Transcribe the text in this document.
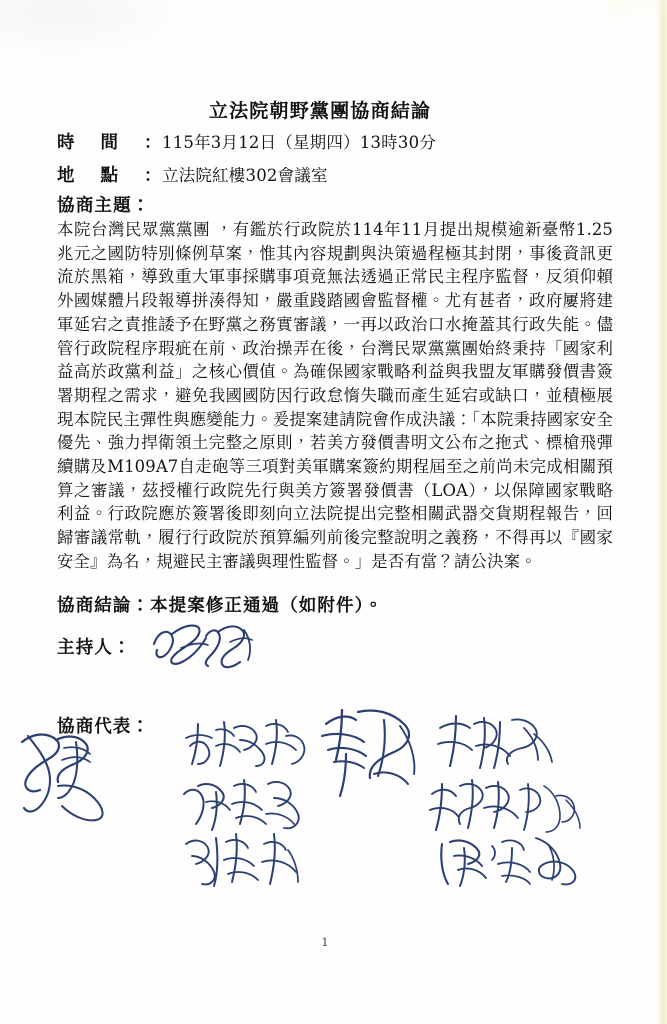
立法院朝野黨團協商結論
時間：115年3月12日（星期四）13時30分
地點：立法院紅樓302會議室
協商主題：

本院台灣民眾黨黨團 ，有鑑於行政院於114年11月提出規模逾新臺幣1.25兆元之國防特別條例草案，惟其內容規劃與決策過程極其封閉，事後資訊更流於黑箱，導致重大軍事採購事項竟無法透過正常民主程序監督，反須仰賴外國媒體片段報導拼湊得知，嚴重踐踏國會監督權。尤有甚者，政府屢將建軍延宕之責推諉予在野黨之務實審議，一再以政治口水掩蓋其行政失能。儘管行政院程序瑕疵在前、政治操弄在後，台灣民眾黨黨團始終秉持「國家利益高於政黨利益」之核心價值。為確保國家戰略利益與我盟友軍購發價書簽署期程之需求，避免我國國防因行政怠惰失職而產生延宕或缺口，並積極展現本院民主彈性與應變能力。爰提案建請院會作成決議：「本院秉持國家安全優先、強力捍衛領土完整之原則，若美方發價書明文公布之拖式、標槍飛彈續購及M109A7自走砲等三項對美軍購案簽約期程屆至之前尚未完成相關預算之審議，茲授權行政院先行與美方簽署發價書（LOA），以保障國家戰略利益。行政院應於簽署後即刻向立法院提出完整相關武器交貨期程報告，回歸審議常軌，履行行政院於預算編列前後完整說明之義務，不得再以『國家安全』為名，規避民主審議與理性監督。」是否有當？請公決案。

協商結論：本提案修正通過（如附件）。
主持人：
協商代表：
1
